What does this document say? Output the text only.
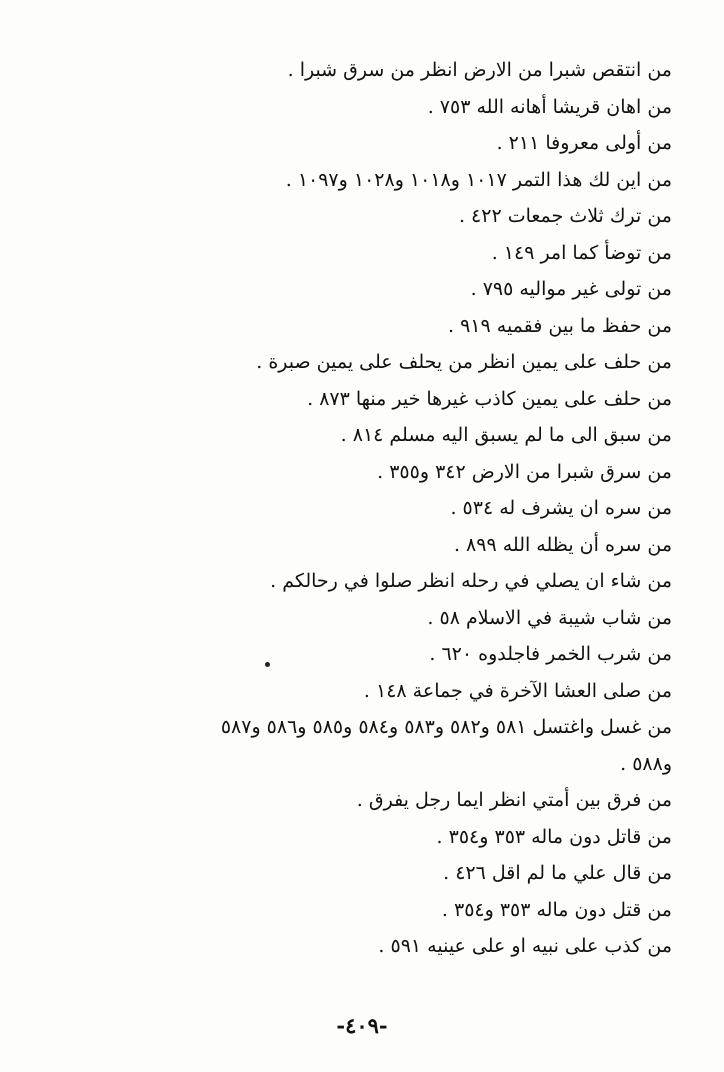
من انتقص شبرا من الارض انظر من سرق شبرا .
من اهان قريشا أهانه الله ٧٥٣ .
من أولى معروفا ٢١١ .
من اين لك هذا التمر ١٠١٧ و١٠١٨ و١٠٢٨ و١٠٩٧ .
من ترك ثلاث جمعات ٤٢٢ .
من توضأ كما امر ١٤٩ .
من تولى غير مواليه ٧٩٥ .
من حفظ ما بين فقميه ٩١٩ .
من حلف على يمين انظر من يحلف على يمين صبرة .
من حلف على يمين كاذب غيرها خير منها ٨٧٣ .
من سبق الى ما لم يسبق اليه مسلم ٨١٤ .
من سرق شبرا من الارض ٣٤٢ و٣٥٥ .
من سره ان يشرف له ٥٣٤ .
من سره أن يظله الله ٨٩٩ .
من شاء ان يصلي في رحله انظر صلوا في رحالكم .
من شاب شيبة في الاسلام ٥٨ .
من شرب الخمر فاجلدوه ٦٢٠ .
من صلى العشا الآخرة في جماعة ١٤٨ .
من غسل واغتسل ٥٨١ و٥٨٢ و٥٨٣ و٥٨٤ و٥٨٥ و٥٨٦ و٥٨٧
و٥٨٨ .
من فرق بين أمتي انظر ايما رجل يفرق .
من قاتل دون ماله ٣٥٣ و٣٥٤ .
من قال علي ما لم اقل ٤٢٦ .
من قتل دون ماله ٣٥٣ و٣٥٤ .
من كذب على نبيه او على عينيه ٥٩١ .
-٤٠٩-
